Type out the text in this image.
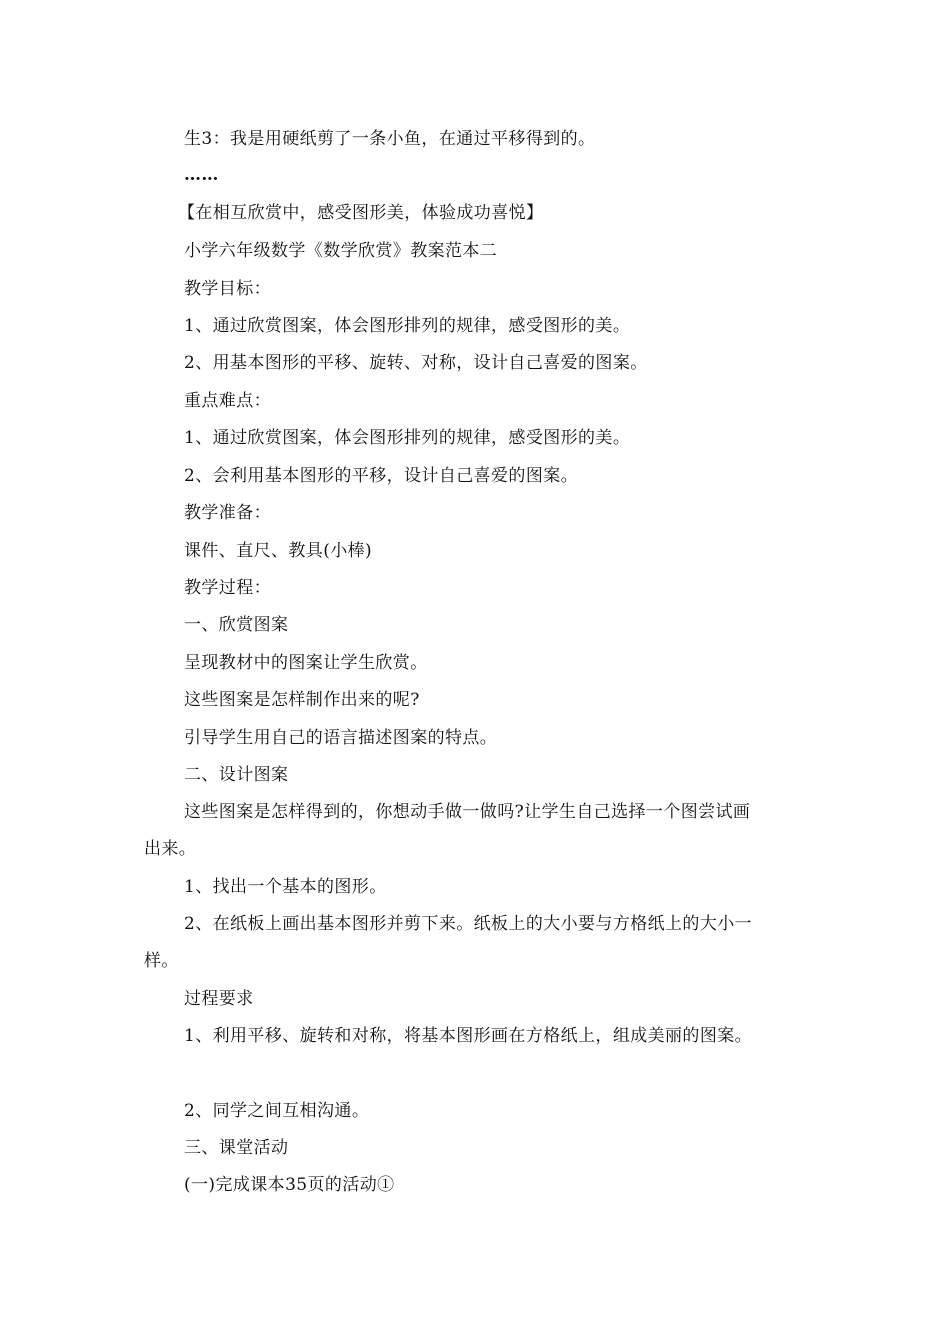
生3：我是用硬纸剪了一条小鱼，在通过平移得到的。
……
【在相互欣赏中，感受图形美，体验成功喜悦】
小学六年级数学《数学欣赏》教案范本二
教学目标：
1、通过欣赏图案，体会图形排列的规律，感受图形的美。
2、用基本图形的平移、旋转、对称，设计自己喜爱的图案。
重点难点：
1、通过欣赏图案，体会图形排列的规律，感受图形的美。
2、会利用基本图形的平移，设计自己喜爱的图案。
教学准备：
课件、直尺、教具(小棒)
教学过程：
一、欣赏图案
呈现教材中的图案让学生欣赏。
这些图案是怎样制作出来的呢?
引导学生用自己的语言描述图案的特点。
二、设计图案
这些图案是怎样得到的，你想动手做一做吗?让学生自己选择一个图尝试画
出来。
1、找出一个基本的图形。
2、在纸板上画出基本图形并剪下来。纸板上的大小要与方格纸上的大小一
样。
过程要求
1、利用平移、旋转和对称，将基本图形画在方格纸上，组成美丽的图案。
2、同学之间互相沟通。
三、课堂活动
(一)完成课本35页的活动①
